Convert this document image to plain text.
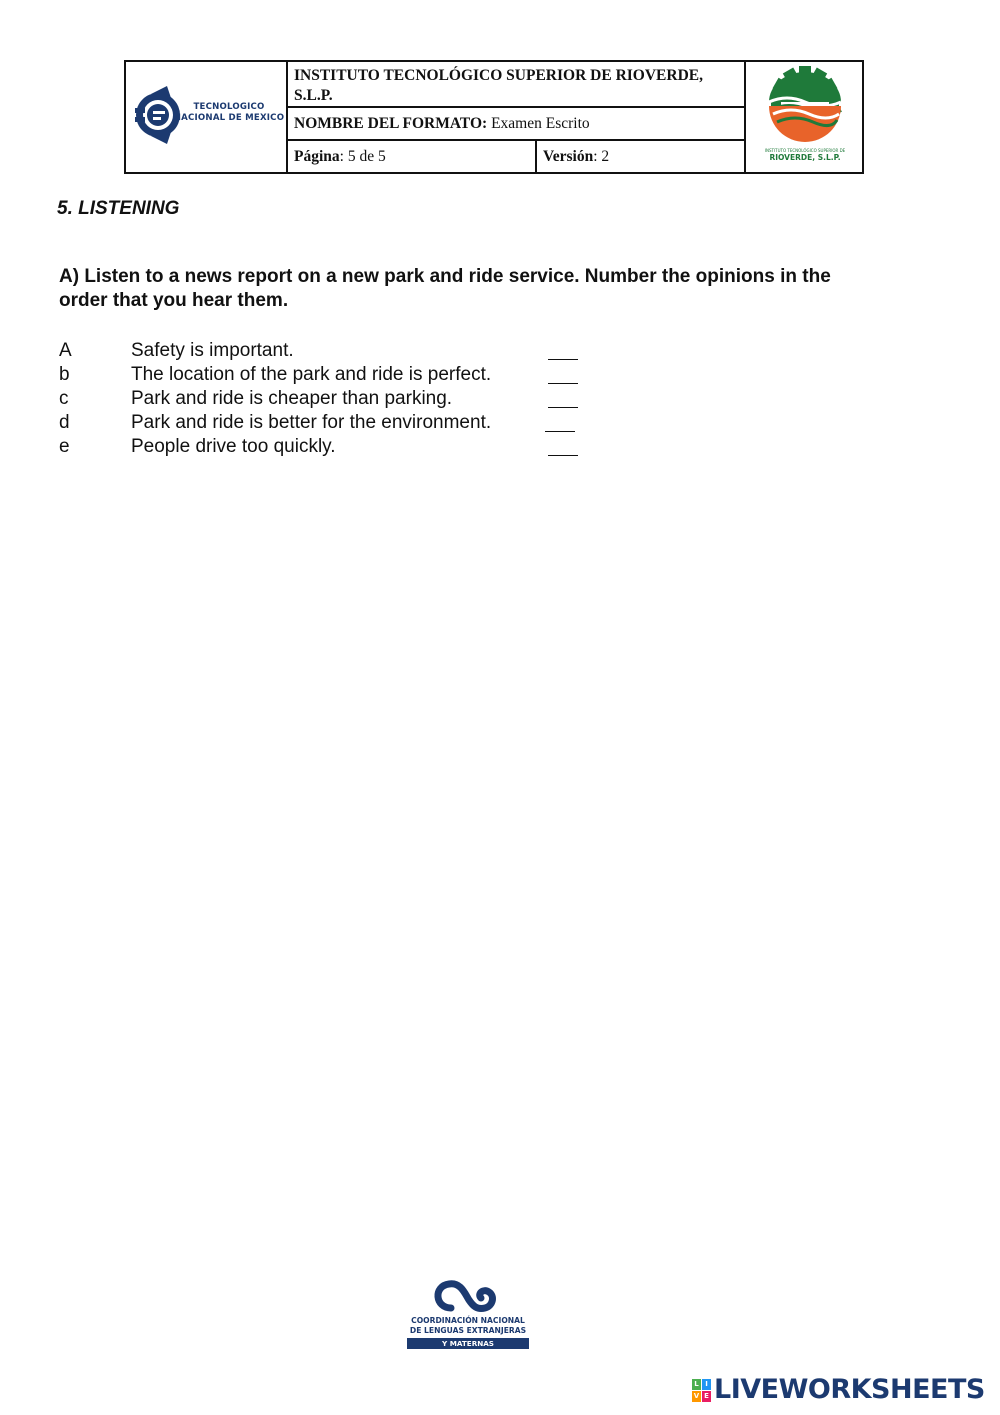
TECNOLOGICO
NACIONAL DE MEXICO
INSTITUTO TECNOLÓGICO SUPERIOR DE RIOVERDE, S.L.P.
NOMBRE DEL FORMATO: Examen Escrito
Página: 5 de 5	Versión: 2	INSTITUTO TECNOLÓGICO SUPERIOR DE
RIOVERDE, S.L.P.
5. LISTENING
A) Listen to a news report on a new park and ride service. Number the opinions in the order that you hear them.
A	Safety is important.
b	The location of the park and ride is perfect.
c	Park and ride is cheaper than parking.
d	Park and ride is better for the environment.
e	People drive too quickly.
COORDINACIÓN NACIONAL
DE LENGUAS EXTRANJERAS
Y MATERNAS
L I
V E LIVEWORKSHEETS
